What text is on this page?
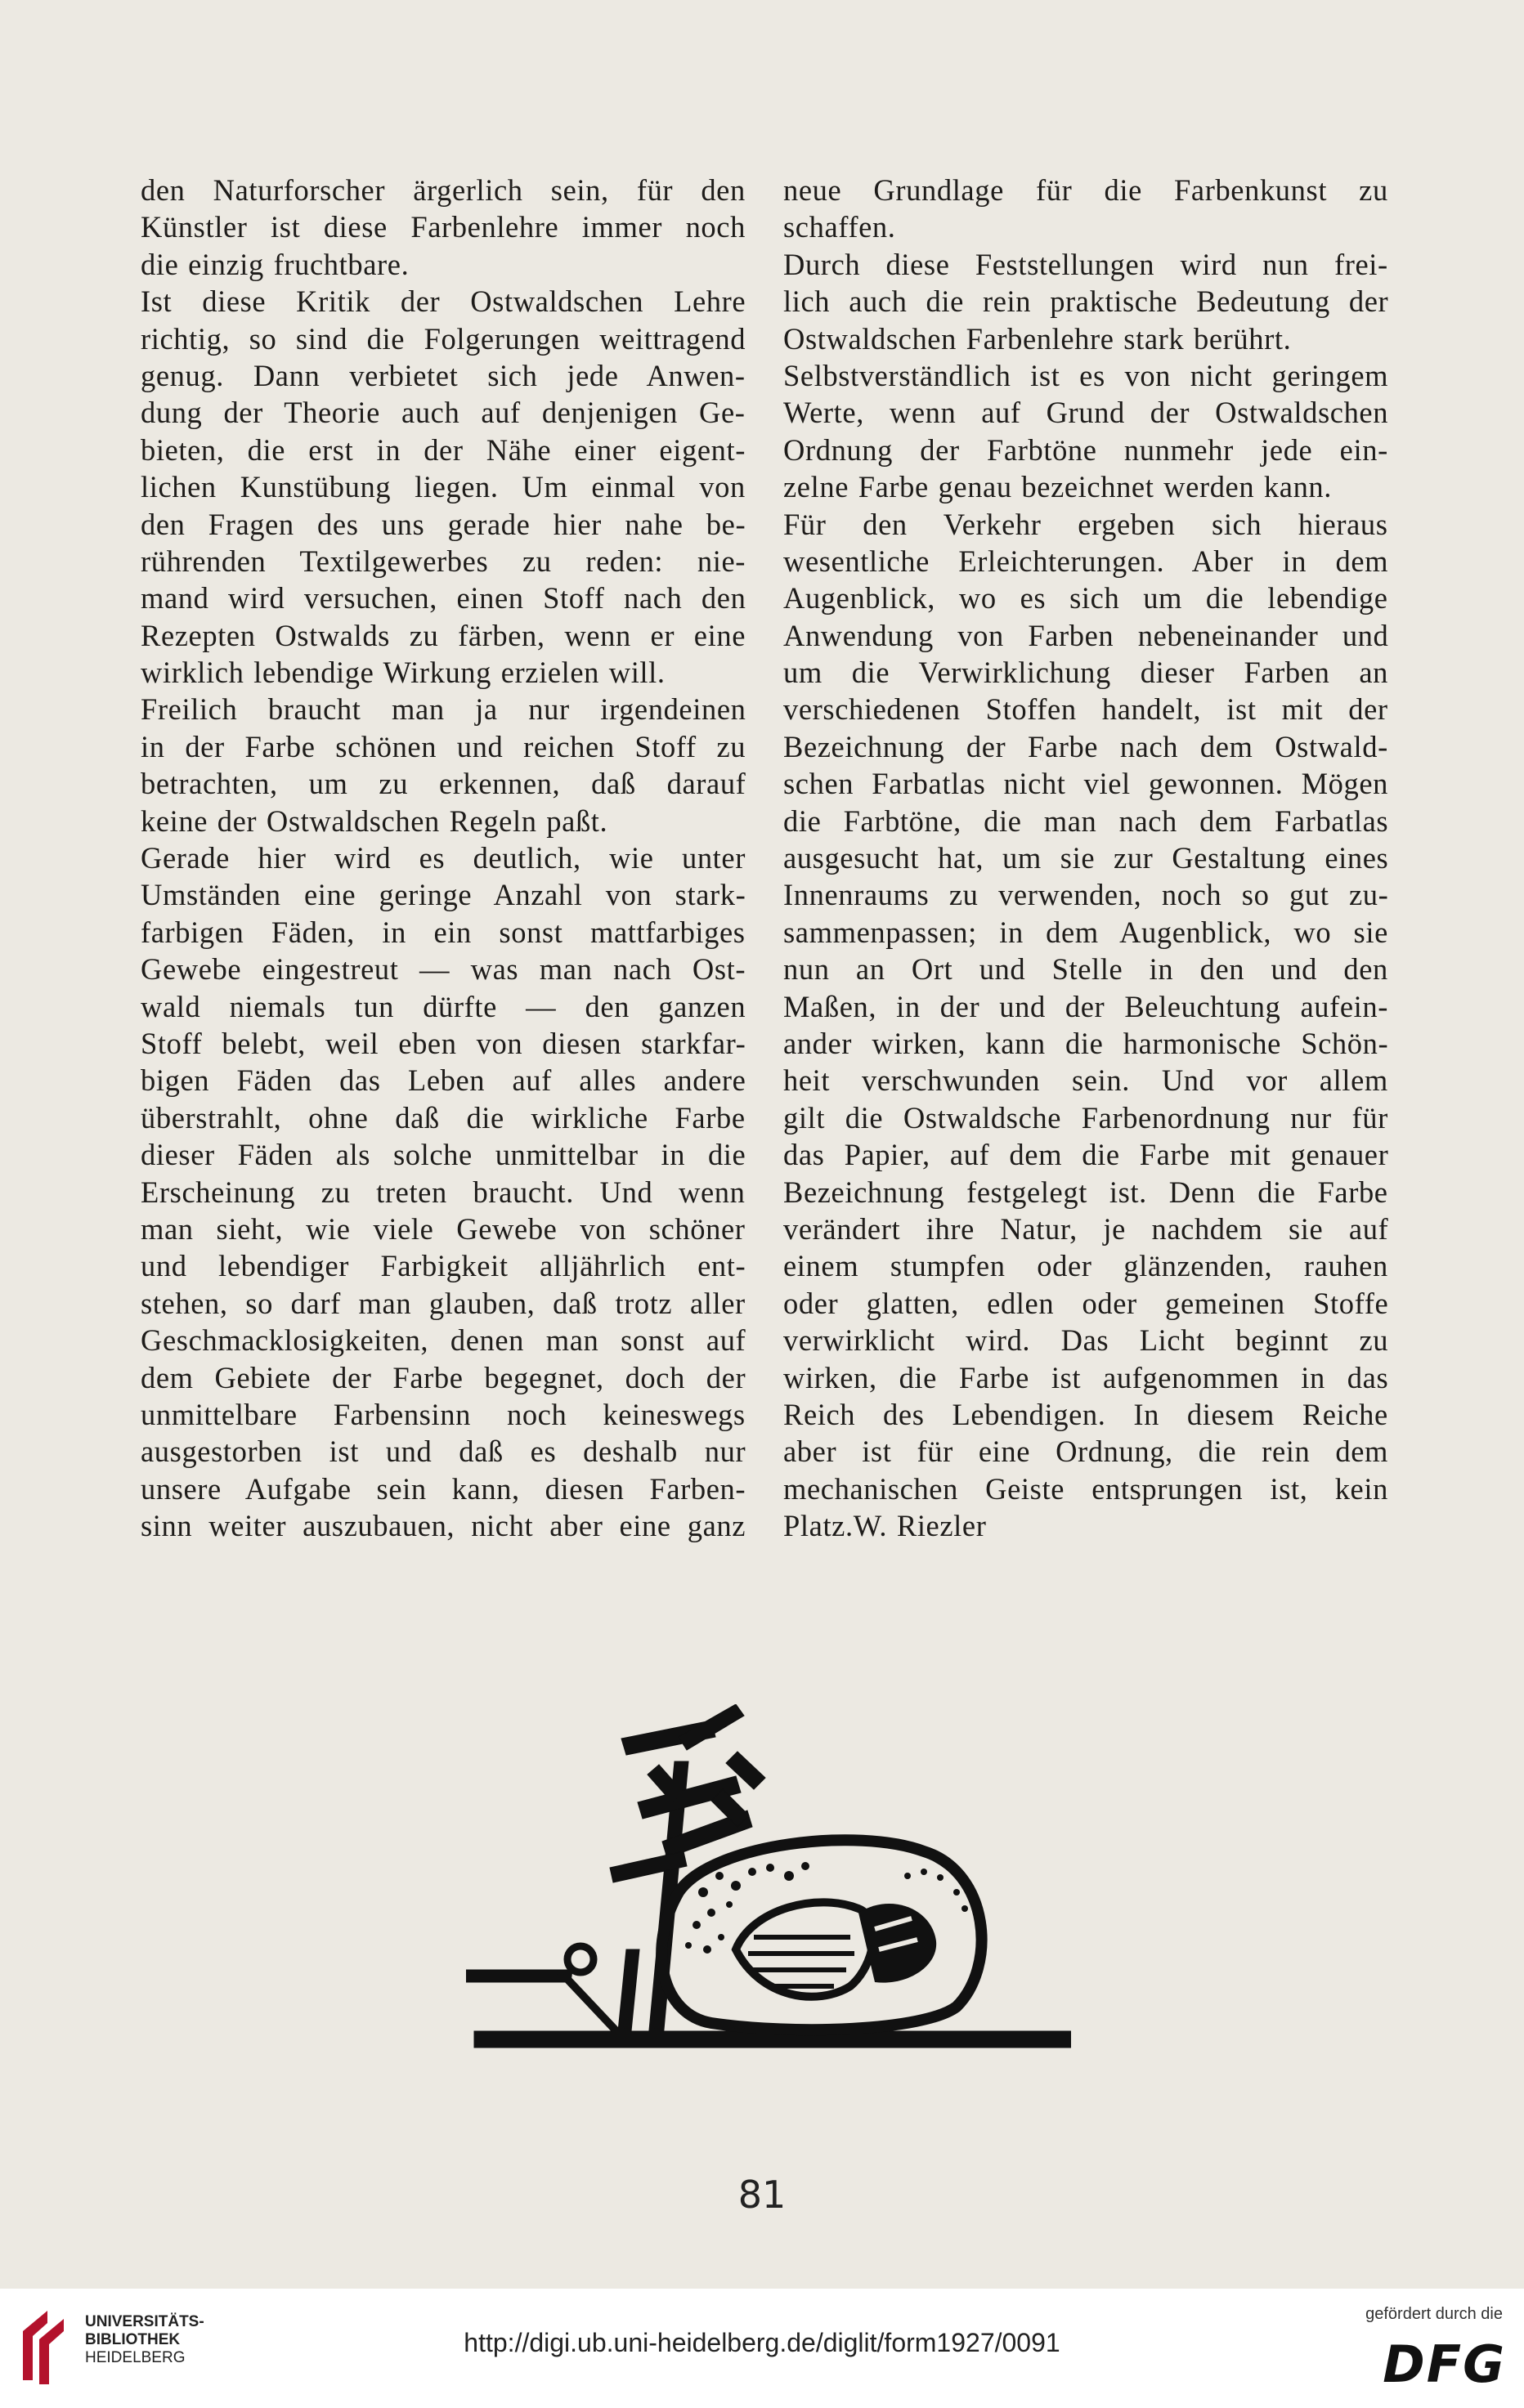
den Naturforscher ärgerlich sein, für den
Künstler ist diese Farbenlehre immer noch
die einzig fruchtbare.
Ist diese Kritik der Ostwaldschen Lehre
richtig, so sind die Folgerungen weittragend
genug. Dann verbietet sich jede Anwen-
dung der Theorie auch auf denjenigen Ge-
bieten, die erst in der Nähe einer eigent-
lichen Kunstübung liegen. Um einmal von
den Fragen des uns gerade hier nahe be-
rührenden Textilgewerbes zu reden: nie-
mand wird versuchen, einen Stoff nach den
Rezepten Ostwalds zu färben, wenn er eine
wirklich lebendige Wirkung erzielen will.
Freilich braucht man ja nur irgendeinen
in der Farbe schönen und reichen Stoff zu
betrachten, um zu erkennen, daß darauf
keine der Ostwaldschen Regeln paßt.
Gerade hier wird es deutlich, wie unter
Umständen eine geringe Anzahl von stark-
farbigen Fäden, in ein sonst mattfarbiges
Gewebe eingestreut — was man nach Ost-
wald niemals tun dürfte — den ganzen
Stoff belebt, weil eben von diesen starkfar-
bigen Fäden das Leben auf alles andere
überstrahlt, ohne daß die wirkliche Farbe
dieser Fäden als solche unmittelbar in die
Erscheinung zu treten braucht. Und wenn
man sieht, wie viele Gewebe von schöner
und lebendiger Farbigkeit alljährlich ent-
stehen, so darf man glauben, daß trotz aller
Geschmacklosigkeiten, denen man sonst auf
dem Gebiete der Farbe begegnet, doch der
unmittelbare Farbensinn noch keineswegs
ausgestorben ist und daß es deshalb nur
unsere Aufgabe sein kann, diesen Farben-
sinn weiter auszubauen, nicht aber eine ganz
neue Grundlage für die Farbenkunst zu
schaffen.
Durch diese Feststellungen wird nun frei-
lich auch die rein praktische Bedeutung der
Ostwaldschen Farbenlehre stark berührt.
Selbstverständlich ist es von nicht geringem
Werte, wenn auf Grund der Ostwaldschen
Ordnung der Farbtöne nunmehr jede ein-
zelne Farbe genau bezeichnet werden kann.
Für den Verkehr ergeben sich hieraus
wesentliche Erleichterungen. Aber in dem
Augenblick, wo es sich um die lebendige
Anwendung von Farben nebeneinander und
um die Verwirklichung dieser Farben an
verschiedenen Stoffen handelt, ist mit der
Bezeichnung der Farbe nach dem Ostwald-
schen Farbatlas nicht viel gewonnen. Mögen
die Farbtöne, die man nach dem Farbatlas
ausgesucht hat, um sie zur Gestaltung eines
Innenraums zu verwenden, noch so gut zu-
sammenpassen; in dem Augenblick, wo sie
nun an Ort und Stelle in den und den
Maßen, in der und der Beleuchtung aufein-
ander wirken, kann die harmonische Schön-
heit verschwunden sein. Und vor allem
gilt die Ostwaldsche Farbenordnung nur für
das Papier, auf dem die Farbe mit genauer
Bezeichnung festgelegt ist. Denn die Farbe
verändert ihre Natur, je nachdem sie auf
einem stumpfen oder glänzenden, rauhen
oder glatten, edlen oder gemeinen Stoffe
verwirklicht wird. Das Licht beginnt zu
wirken, die Farbe ist aufgenommen in das
Reich des Lebendigen. In diesem Reiche
aber ist für eine Ordnung, die rein dem
mechanischen Geiste entsprungen ist, kein
Platz.W. Riezler
81
UNIVERSITÄTS-
BIBLIOTHEK
HEIDELBERG
http://digi.ub.uni-heidelberg.de/diglit/form1927/0091
gefördert durch die
DFG
